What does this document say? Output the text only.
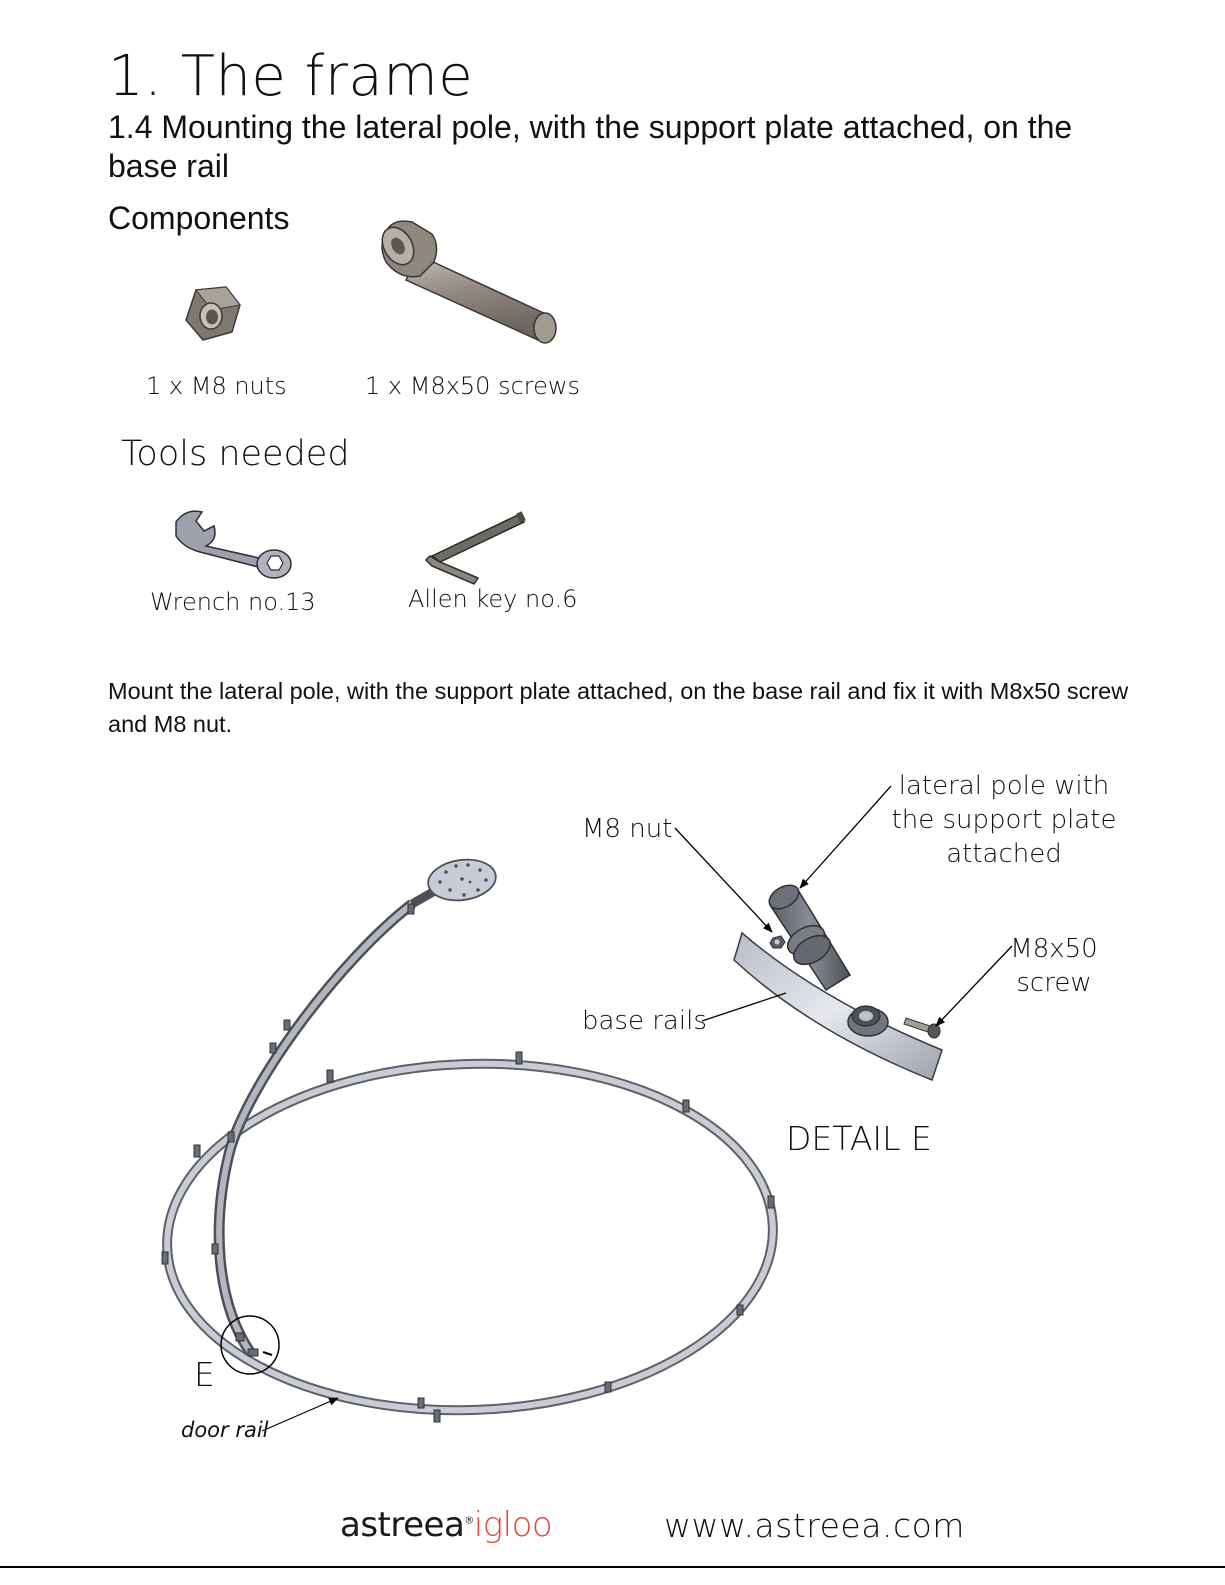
1. The frame
1.4 Mounting the lateral pole, with the support plate attached, on the base rail
Components
1 x M8 nuts	1 x M8x50 screws
Tools needed
Wrench no.13	Allen key no.6
Mount the lateral pole, with the support plate attached, on the base rail and fix it with M8x50 screw and M8 nut.
lateral pole with
the support plate
attached
M8 nut
M8x50
screw
base rails
DETAIL E
E
door rail
astreea®igloo	www.astreea.com
